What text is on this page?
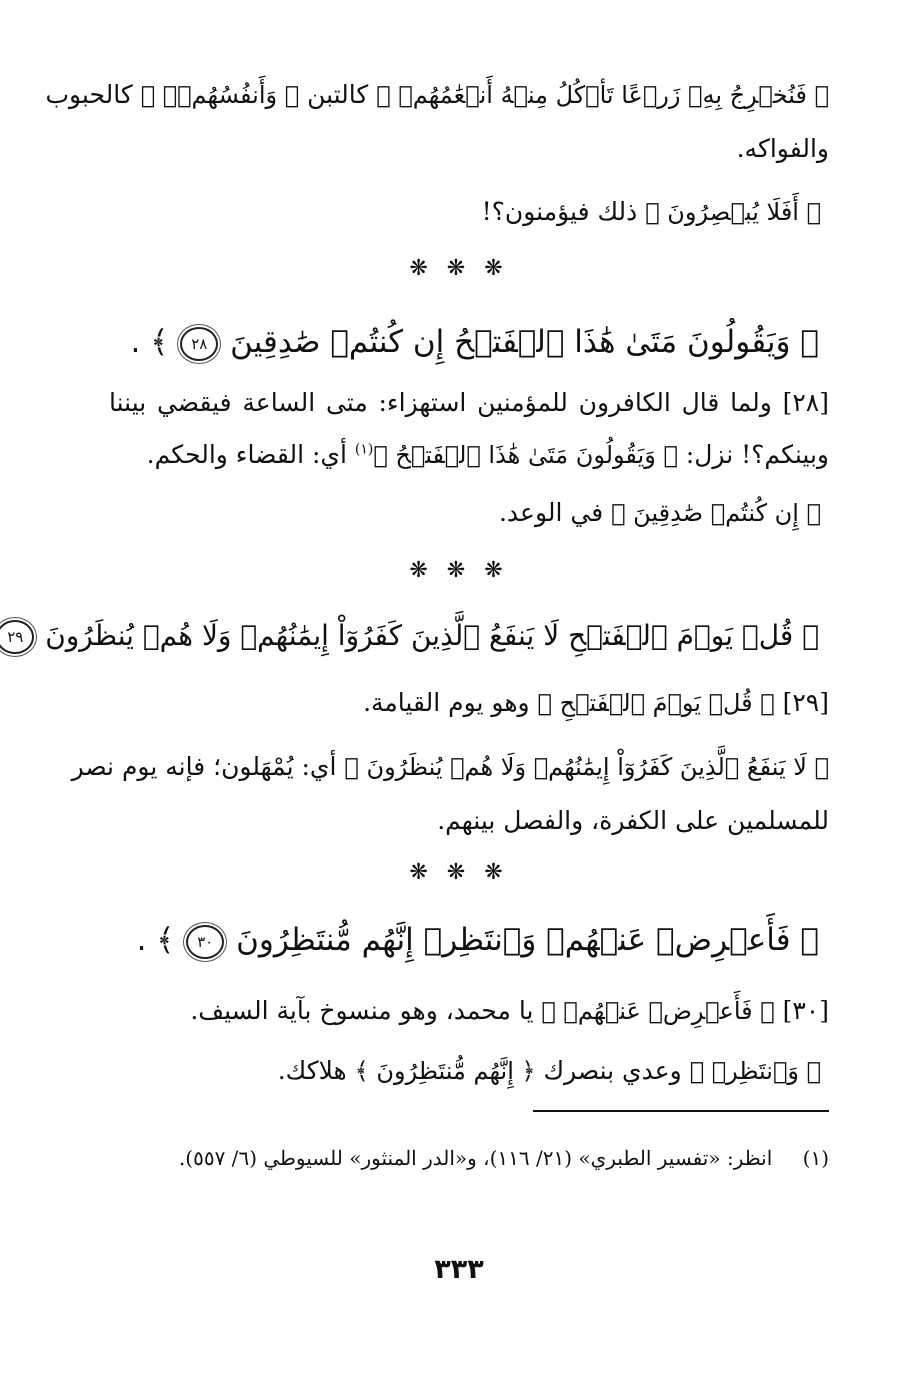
﴿ فَنُخۡرِجُ بِهِۦ زَرۡعًا تَأۡكُلُ مِنۡهُ أَنۡعَٰمُهُمۡ ﴾ كالتبن ﴿ وَأَنفُسُهُمۡۚ ﴾ كالحبوب
والفواكه.
﴿ أَفَلَا يُبۡصِرُونَ ﴾ ذلك فيؤمنون؟!
❋ ❋ ❋
﴿ وَيَقُولُونَ مَتَىٰ هَٰذَا ٱلۡفَتۡحُ إِن كُنتُمۡ صَٰدِقِينَ ٢٨ ﴾ .
[٢٨] ولما قال الكافرون للمؤمنين استهزاء: متى الساعة فيقضي بيننا
وبينكم؟! نزل: ﴿ وَيَقُولُونَ مَتَىٰ هَٰذَا ٱلۡفَتۡحُ ﴾$^{(١)}$ أي: القضاء والحكم.
﴿ إِن كُنتُمۡ صَٰدِقِينَ ﴾ في الوعد.
❋ ❋ ❋
﴿ قُلۡ يَوۡمَ ٱلۡفَتۡحِ لَا يَنفَعُ ٱلَّذِينَ كَفَرُوٓاْ إِيمَٰنُهُمۡ وَلَا هُمۡ يُنظَرُونَ ٢٩
[٢٩] ﴿ قُلۡ يَوۡمَ ٱلۡفَتۡحِ ﴾ وهو يوم القيامة.
﴿ لَا يَنفَعُ ٱلَّذِينَ كَفَرُوٓاْ إِيمَٰنُهُمۡ وَلَا هُمۡ يُنظَرُونَ ﴾ أي: يُمْهَلون؛ فإنه يوم نصر
للمسلمين على الكفرة، والفصل بينهم.
❋ ❋ ❋
﴿ فَأَعۡرِضۡ عَنۡهُمۡ وَٱنتَظِرۡ إِنَّهُم مُّنتَظِرُونَ ٣٠ ﴾ .
[٣٠] ﴿ فَأَعۡرِضۡ عَنۡهُمۡ ﴾ يا محمد، وهو منسوخ بآية السيف.
﴿ وَٱنتَظِرۡ ﴾ وعدي بنصرك ﴿ إِنَّهُم مُّنتَظِرُونَ ﴾ هلاكك.
(١) انظر: «تفسير الطبري» (٢١/ ١١٦)، و«الدر المنثور» للسيوطي (٦/ ٥٥٧).
٣٣٣
